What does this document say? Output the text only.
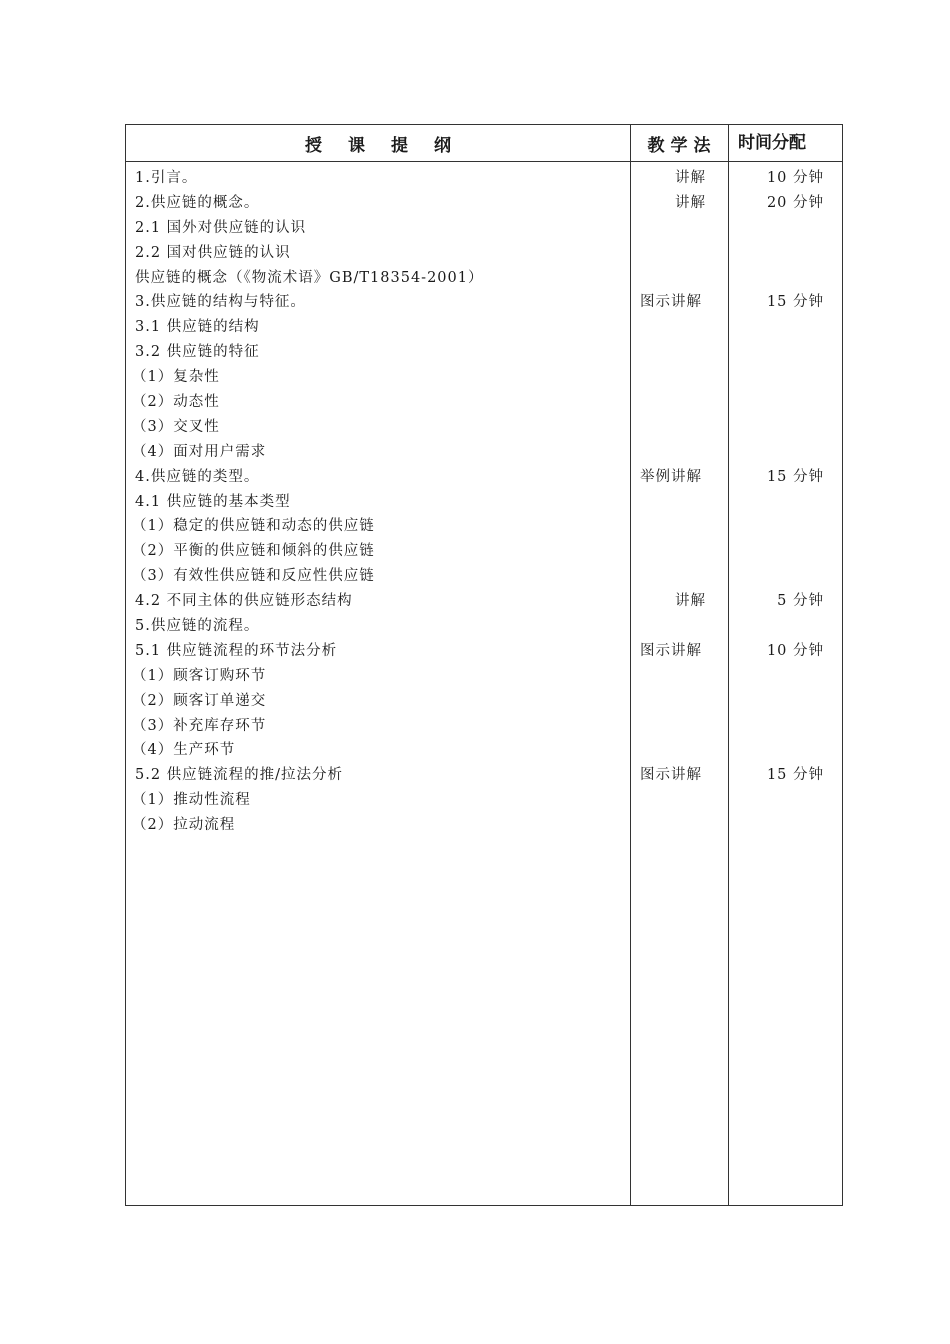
授课提纲	教学法	时间分配
1.引言。	讲解	10 分钟
2.供应链的概念。	讲解	20 分钟
2.1 国外对供应链的认识
2.2 国对供应链的认识
供应链的概念（《物流术语》GB/T18354-2001）
3.供应链的结构与特征。	图示讲解	15 分钟
3.1 供应链的结构
3.2 供应链的特征
（1）复杂性
（2）动态性
（3）交叉性
（4）面对用户需求
4.供应链的类型。	举例讲解	15 分钟
4.1 供应链的基本类型
（1）稳定的供应链和动态的供应链
（2）平衡的供应链和倾斜的供应链
（3）有效性供应链和反应性供应链
4.2 不同主体的供应链形态结构	讲解	5 分钟
5.供应链的流程。
5.1 供应链流程的环节法分析	图示讲解	10 分钟
（1）顾客订购环节
（2）顾客订单递交
（3）补充库存环节
（4）生产环节
5.2 供应链流程的推/拉法分析	图示讲解	15 分钟
（1）推动性流程
（2）拉动流程
